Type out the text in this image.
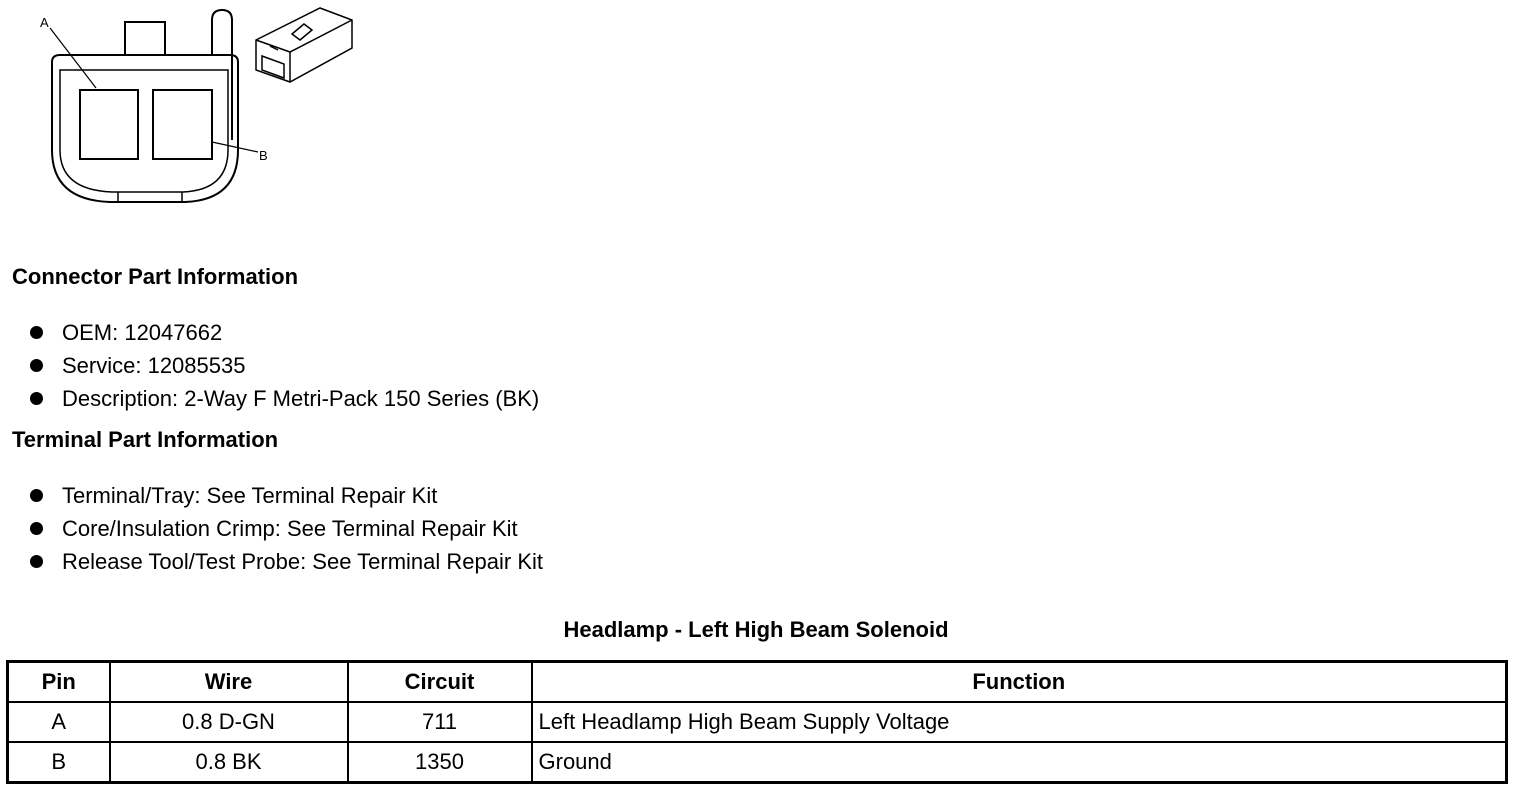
A
B
Connector Part Information
OEM: 12047662
Service: 12085535
Description: 2-Way F Metri-Pack 150 Series (BK)
Terminal Part Information
Terminal/Tray: See Terminal Repair Kit
Core/Insulation Crimp: See Terminal Repair Kit
Release Tool/Test Probe: See Terminal Repair Kit
Headlamp - Left High Beam Solenoid
Pin	Wire	Circuit	Function
A	0.8 D-GN	711	Left Headlamp High Beam Supply Voltage
B	0.8 BK	1350	Ground
